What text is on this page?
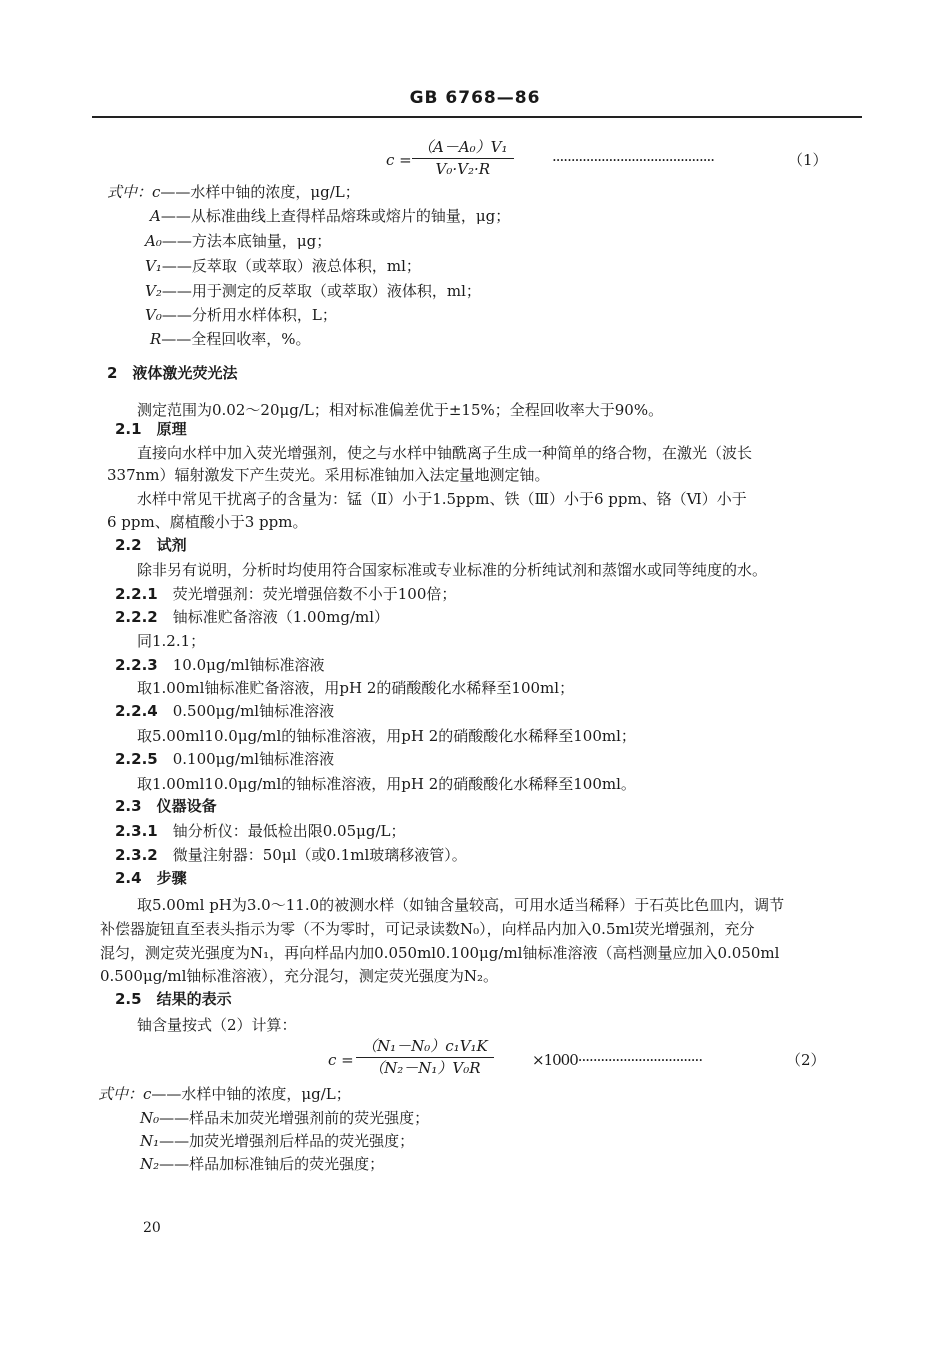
GB 6768—86
$c = \frac{\text{（A－A₀）V₁}}{\text{V₀·V₂·R}}$	···········································	（1）
式中：c——水样中铀的浓度，μg/L；
A——从标准曲线上查得样品熔珠或熔片的铀量，μg；
A₀——方法本底铀量，μg；
V₁——反萃取（或萃取）液总体积，ml；
V₂——用于测定的反萃取（或萃取）液体积，ml；
V₀——分析用水样体积，L；
R——全程回收率，%。
2　液体激光荧光法
测定范围为0.02～20μg/L；相对标准偏差优于±15%；全程回收率大于90%。
2.1　原理
直接向水样中加入荧光增强剂，使之与水样中铀酰离子生成一种简单的络合物，在激光（波长
337nm）辐射激发下产生荧光。采用标准铀加入法定量地测定铀。
水样中常见干扰离子的含量为：锰（Ⅱ）小于1.5ppm、铁（Ⅲ）小于6 ppm、铬（Ⅵ）小于
6 ppm、腐植酸小于3 ppm。
2.2　试剂
除非另有说明，分析时均使用符合国家标准或专业标准的分析纯试剂和蒸馏水或同等纯度的水。
2.2.1　 荧光增强剂：荧光增强倍数不小于100倍；
2.2.2　 铀标准贮备溶液（1.00mg/ml）
同1.2.1；
2.2.3　 10.0μg/ml铀标准溶液
取1.00ml铀标准贮备溶液，用pH 2的硝酸酸化水稀释至100ml；
2.2.4　 0.500μg/ml铀标准溶液
取5.00ml10.0μg/ml的铀标准溶液，用pH 2的硝酸酸化水稀释至100ml；
2.2.5　 0.100μg/ml铀标准溶液
取1.00ml10.0μg/ml的铀标准溶液，用pH 2的硝酸酸化水稀释至100ml。
2.3　仪器设备
2.3.1　 铀分析仪：最低检出限0.05μg/L；
2.3.2　 微量注射器：50μl（或0.1ml玻璃移液管）。
2.4　步骤
取5.00ml pH为3.0～11.0的被测水样（如铀含量较高，可用水适当稀释）于石英比色皿内，调节
补偿器旋钮直至表头指示为零（不为零时，可记录读数N₀），向样品内加入0.5ml荧光增强剂，充分
混匀，测定荧光强度为N₁，再向样品内加0.050ml0.100μg/ml铀标准溶液（高档测量应加入0.050ml
0.500μg/ml铀标准溶液），充分混匀，测定荧光强度为N₂。
2.5　结果的表示
铀含量按式（2）计算：
$c = \frac{\text{（N₁－N₀）c₁V₁K}}{\text{（N₂－N₁）V₀R}}$	×1000·································	（2）
式中：c——水样中铀的浓度，μg/L；
N₀——样品未加荧光增强剂前的荧光强度；
N₁——加荧光增强剂后样品的荧光强度；
N₂——样品加标准铀后的荧光强度；
20
